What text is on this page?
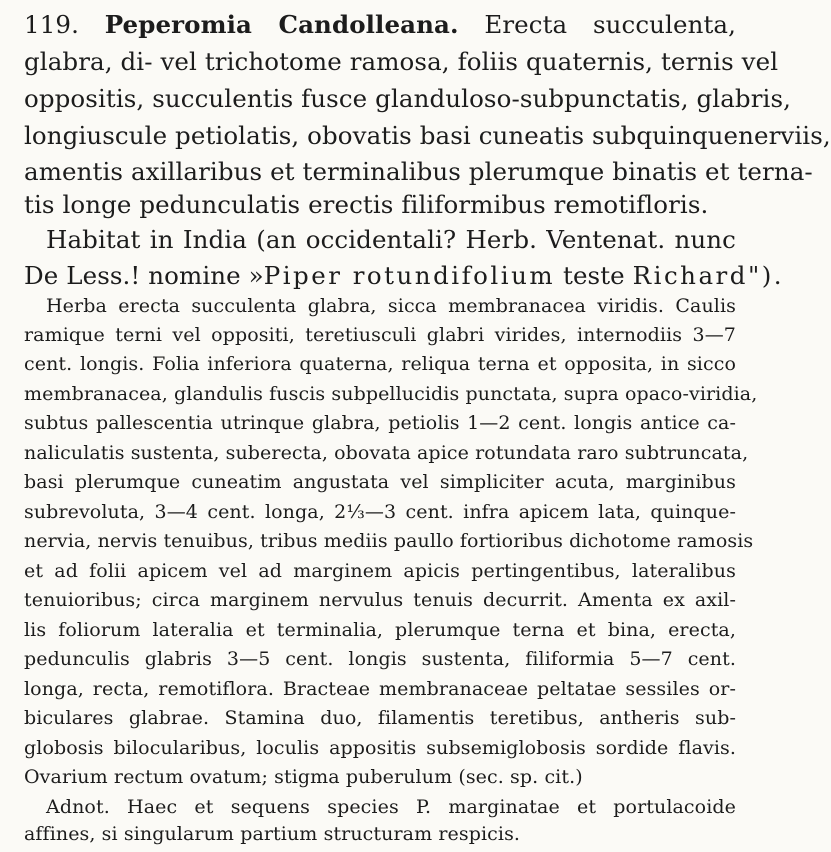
119. Peperomia Candolleana. Erecta succulenta,
glabra, di- vel trichotome ramosa, foliis quaternis, ternis vel
oppositis, succulentis fusce glanduloso-subpunctatis, glabris,
longiuscule petiolatis, obovatis basi cuneatis subquinquenerviis,
amentis axillaribus et terminalibus plerumque binatis et terna-
tis longe pedunculatis erectis filiformibus remotifloris.
Habitat in India (an occidentali? Herb. Ventenat. nunc
De Less.! nomine »Piper rotundifolium teste Richard").
Herba erecta succulenta glabra, sicca membranacea viridis. Caulis
ramique terni vel oppositi, teretiusculi glabri virides, internodiis 3—7
cent. longis. Folia inferiora quaterna, reliqua terna et opposita, in sicco
membranacea, glandulis fuscis subpellucidis punctata, supra opaco-viridia,
subtus pallescentia utrinque glabra, petiolis 1—2 cent. longis antice ca-
naliculatis sustenta, suberecta, obovata apice rotundata raro subtruncata,
basi plerumque cuneatim angustata vel simpliciter acuta, marginibus
subrevoluta, 3—4 cent. longa, 2⅓—3 cent. infra apicem lata, quinque-
nervia, nervis tenuibus, tribus mediis paullo fortioribus dichotome ramosis
et ad folii apicem vel ad marginem apicis pertingentibus, lateralibus
tenuioribus; circa marginem nervulus tenuis decurrit. Amenta ex axil-
lis foliorum lateralia et terminalia, plerumque terna et bina, erecta,
pedunculis glabris 3—5 cent. longis sustenta, filiformia 5—7 cent.
longa, recta, remotiflora. Bracteae membranaceae peltatae sessiles or-
biculares glabrae. Stamina duo, filamentis teretibus, antheris sub-
globosis bilocularibus, loculis appositis subsemiglobosis sordide flavis.
Ovarium rectum ovatum; stigma puberulum (sec. sp. cit.)
Adnot. Haec et sequens species P. marginatae et portulacoide
affines, si singularum partium structuram respicis.
